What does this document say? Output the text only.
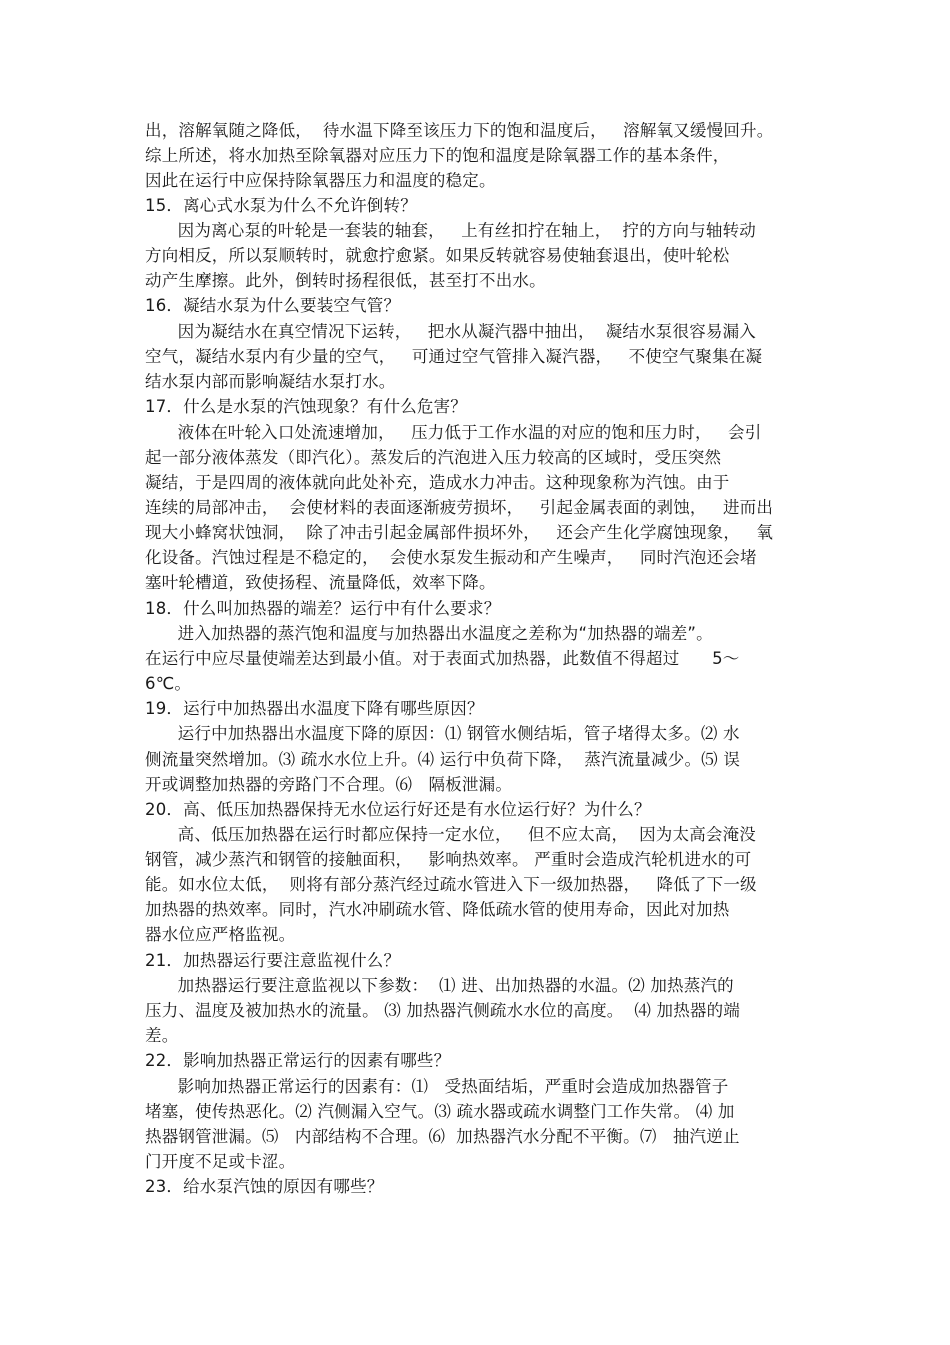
出，溶解氧随之降低，  待水温下降至该压力下的饱和温度后，   溶解氧又缓慢回升。
综上所述，将水加热至除氧器对应压力下的饱和温度是除氧器工作的基本条件，
因此在运行中应保持除氧器压力和温度的稳定。
15．离心式水泵为什么不允许倒转？
因为离心泵的叶轮是一套装的轴套，   上有丝扣拧在轴上，  拧的方向与轴转动
方向相反，所以泵顺转时，就愈拧愈紧。如果反转就容易使轴套退出，使叶轮松
动产生摩擦。此外，倒转时扬程很低，甚至打不出水。
16．凝结水泵为什么要装空气管？
因为凝结水在真空情况下运转，   把水从凝汽器中抽出，  凝结水泵很容易漏入
空气，凝结水泵内有少量的空气，   可通过空气管排入凝汽器，   不使空气聚集在凝
结水泵内部而影响凝结水泵打水。
17．什么是水泵的汽蚀现象？有什么危害？
液体在叶轮入口处流速增加，   压力低于工作水温的对应的饱和压力时，   会引
起一部分液体蒸发（即汽化）。蒸发后的汽泡进入压力较高的区域时，受压突然
凝结，于是四周的液体就向此处补充，造成水力冲击。这种现象称为汽蚀。由于
连续的局部冲击，  会使材料的表面逐渐疲劳损坏，   引起金属表面的剥蚀，   进而出
现大小蜂窝状蚀洞，  除了冲击引起金属部件损坏外，   还会产生化学腐蚀现象，   氧
化设备。汽蚀过程是不稳定的，  会使水泵发生振动和产生噪声，   同时汽泡还会堵
塞叶轮槽道，致使扬程、流量降低，效率下降。
18．什么叫加热器的端差？运行中有什么要求？
进入加热器的蒸汽饱和温度与加热器出水温度之差称为“加热器的端差”。
在运行中应尽量使端差达到最小值。对于表面式加热器，此数值不得超过      5～
6℃。
19．运行中加热器出水温度下降有哪些原因？
运行中加热器出水温度下降的原因：⑴ 钢管水侧结垢，管子堵得太多。⑵ 水
侧流量突然增加。⑶ 疏水水位上升。⑷ 运行中负荷下降，  蒸汽流量减少。⑸ 误
开或调整加热器的旁路门不合理。⑹   隔板泄漏。
20．高、低压加热器保持无水位运行好还是有水位运行好？为什么？
高、低压加热器在运行时都应保持一定水位，   但不应太高，  因为太高会淹没
钢管，减少蒸汽和钢管的接触面积，   影响热效率。 严重时会造成汽轮机进水的可
能。如水位太低，  则将有部分蒸汽经过疏水管进入下一级加热器，   降低了下一级
加热器的热效率。同时，汽水冲刷疏水管、降低疏水管的使用寿命，因此对加热
器水位应严格监视。
21．加热器运行要注意监视什么？
加热器运行要注意监视以下参数：  ⑴ 进、出加热器的水温。⑵ 加热蒸汽的
压力、温度及被加热水的流量。 ⑶ 加热器汽侧疏水水位的高度。  ⑷ 加热器的端
差。
22．影响加热器正常运行的因素有哪些？
影响加热器正常运行的因素有：⑴   受热面结垢，严重时会造成加热器管子
堵塞，使传热恶化。⑵ 汽侧漏入空气。⑶ 疏水器或疏水调整门工作失常。 ⑷ 加
热器钢管泄漏。⑸   内部结构不合理。⑹  加热器汽水分配不平衡。⑺   抽汽逆止
门开度不足或卡涩。
23．给水泵汽蚀的原因有哪些？
